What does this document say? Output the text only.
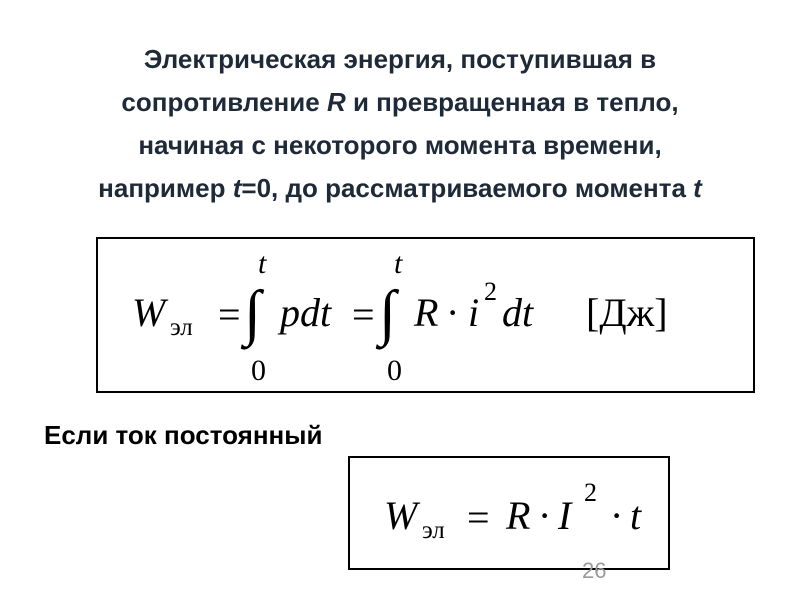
Электрическая энергия, поступившая в
сопротивление R и превращенная в тепло,
начиная с некоторого момента времени,
например t=0, до рассматриваемого момента t
W эл =
t
∫
0
pdt =
t
∫
0
R · i 2 dt [Дж]
Если ток постоянный
W эл = R · I
2
· t
26
